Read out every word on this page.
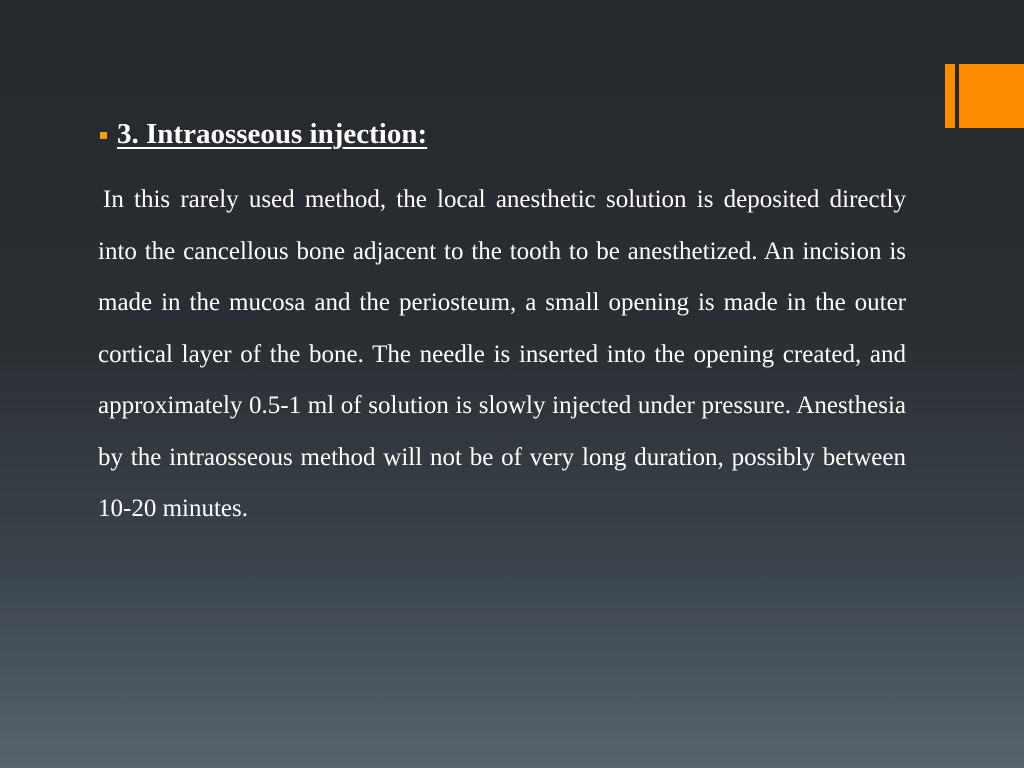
3. Intraosseous injection:

In this rarely used method, the local anesthetic solution is deposited directly into the cancellous bone adjacent to the tooth to be anesthetized. An incision is made in the mucosa and the periosteum, a small opening is made in the outer cortical layer of the bone. The needle is inserted into the opening created, and approximately 0.5-1 ml of solution is slowly injected under pressure. Anesthesia by the intraosseous method will not be of very long duration, possibly between 10-20 minutes.
